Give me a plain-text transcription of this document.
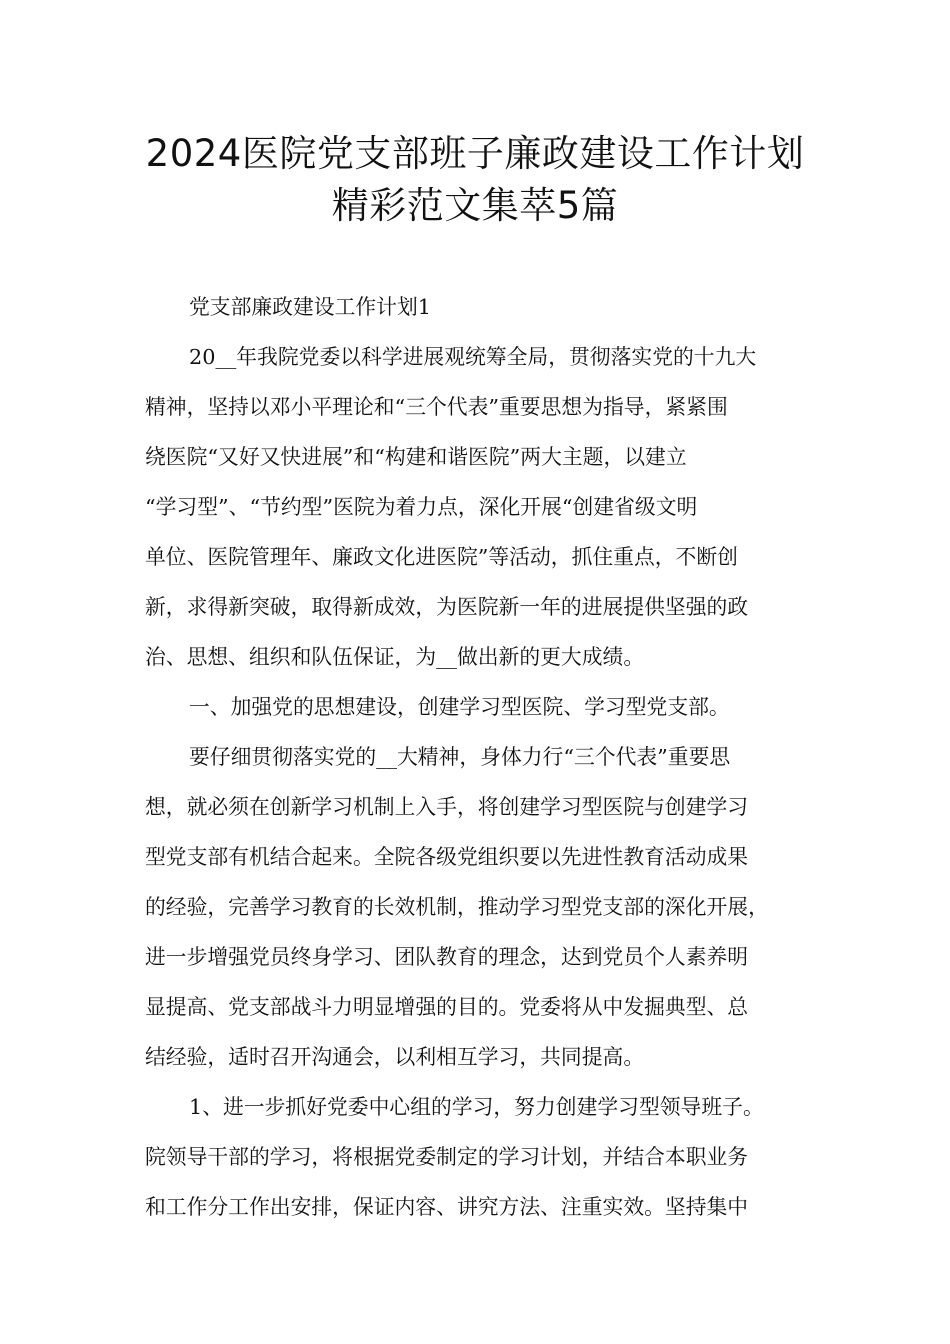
2024医院党支部班子廉政建设工作计划
精彩范文集萃5篇
党支部廉政建设工作计划1
20__年我院党委以科学进展观统筹全局，贯彻落实党的十九大
精神，坚持以邓小平理论和“三个代表”重要思想为指导，紧紧围
绕医院“又好又快进展”和“构建和谐医院”两大主题，以建立
“学习型”、“节约型”医院为着力点，深化开展“创建省级文明
单位、医院管理年、廉政文化进医院”等活动，抓住重点，不断创
新，求得新突破，取得新成效，为医院新一年的进展提供坚强的政
治、思想、组织和队伍保证，为__做出新的更大成绩。
一、加强党的思想建设，创建学习型医院、学习型党支部。
要仔细贯彻落实党的__大精神，身体力行“三个代表”重要思
想，就必须在创新学习机制上入手，将创建学习型医院与创建学习
型党支部有机结合起来。全院各级党组织要以先进性教育活动成果
的经验，完善学习教育的长效机制，推动学习型党支部的深化开展，
进一步增强党员终身学习、团队教育的理念，达到党员个人素养明
显提高、党支部战斗力明显增强的目的。党委将从中发掘典型、总
结经验，适时召开沟通会，以利相互学习，共同提高。
1、进一步抓好党委中心组的学习，努力创建学习型领导班子。
院领导干部的学习，将根据党委制定的学习计划，并结合本职业务
和工作分工作出安排，保证内容、讲究方法、注重实效。坚持集中
